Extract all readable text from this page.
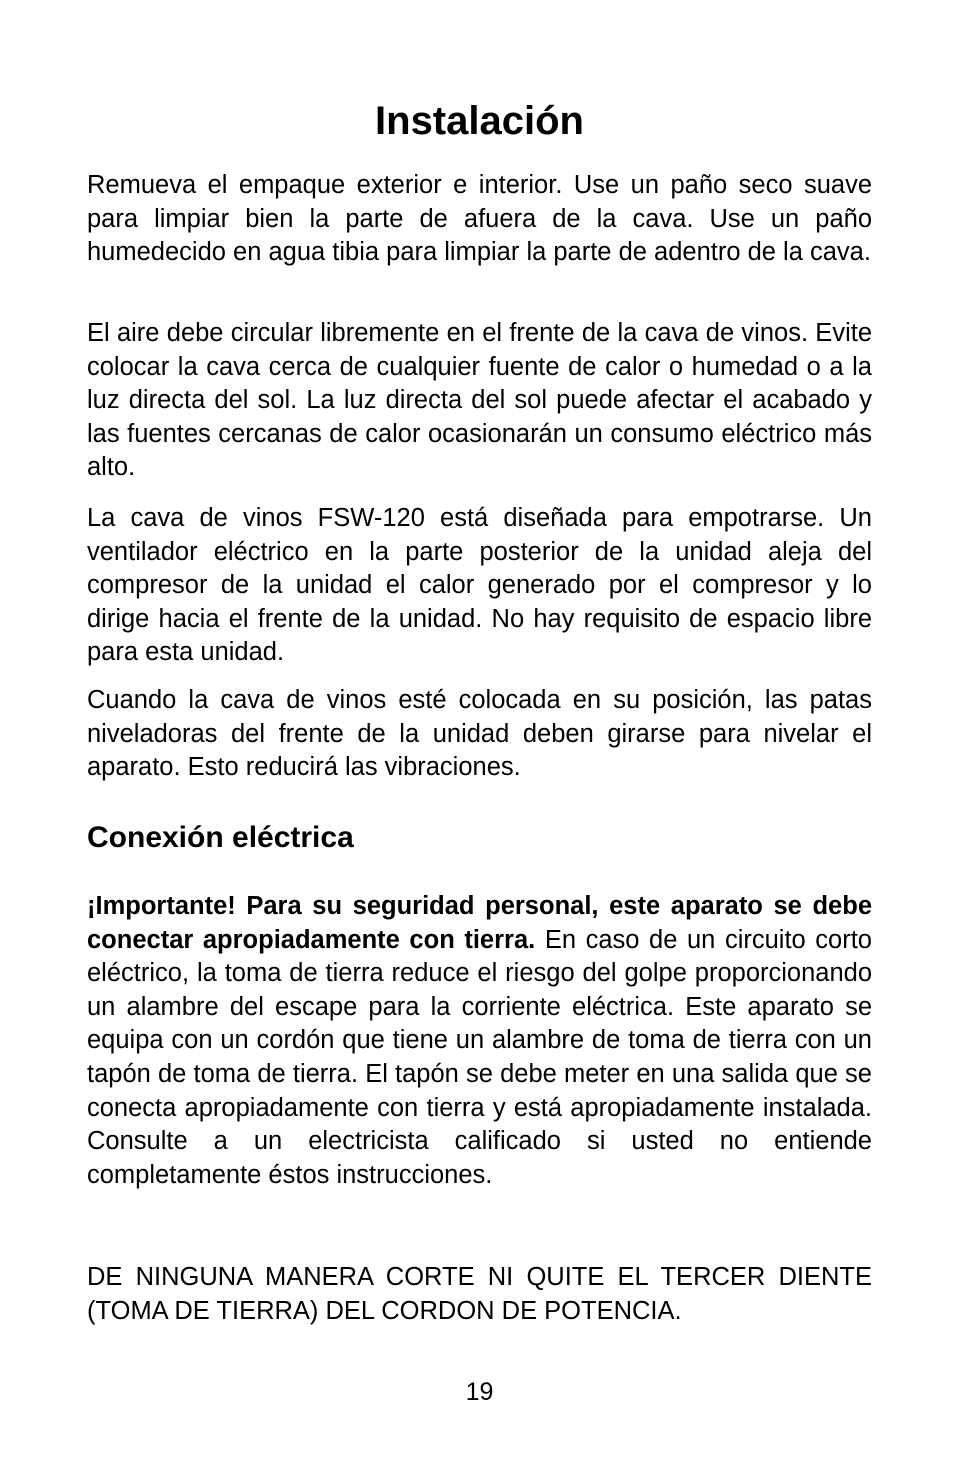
Instalación

Remueva el empaque exterior e interior. Use un paño seco suave para limpiar bien la parte de afuera de la cava. Use un paño humedecido en agua tibia para limpiar la parte de adentro de la cava.

El aire debe circular libremente en el frente de la cava de vinos. Evite colocar la cava cerca de cualquier fuente de calor o humedad o a la luz directa del sol. La luz directa del sol puede afectar el acabado y las fuentes cercanas de calor ocasionarán un consumo eléctrico más alto.

La cava de vinos FSW-120 está diseñada para empotrarse. Un ventilador eléctrico en la parte posterior de la unidad aleja del compresor de la unidad el calor generado por el compresor y lo dirige hacia el frente de la unidad. No hay requisito de espacio libre para esta unidad.

Cuando la cava de vinos esté colocada en su posición, las patas niveladoras del frente de la unidad deben girarse para nivelar el aparato. Esto reducirá las vibraciones.

Conexión eléctrica

¡Importante! Para su seguridad personal, este aparato se debe conectar apropiadamente con tierra. En caso de un circuito corto eléctrico, la toma de tierra reduce el riesgo del golpe proporcionando un alambre del escape para la corriente eléctrica. Este aparato se equipa con un cordón que tiene un alambre de toma de tierra con un tapón de toma de tierra. El tapón se debe meter en una salida que se conecta apropiadamente con tierra y está apropiadamente instalada. Consulte a un electricista calificado si usted no entiende completamente éstos instrucciones.

DE NINGUNA MANERA CORTE NI QUITE EL TERCER DIENTE (TOMA DE TIERRA) DEL CORDON DE POTENCIA.

19
